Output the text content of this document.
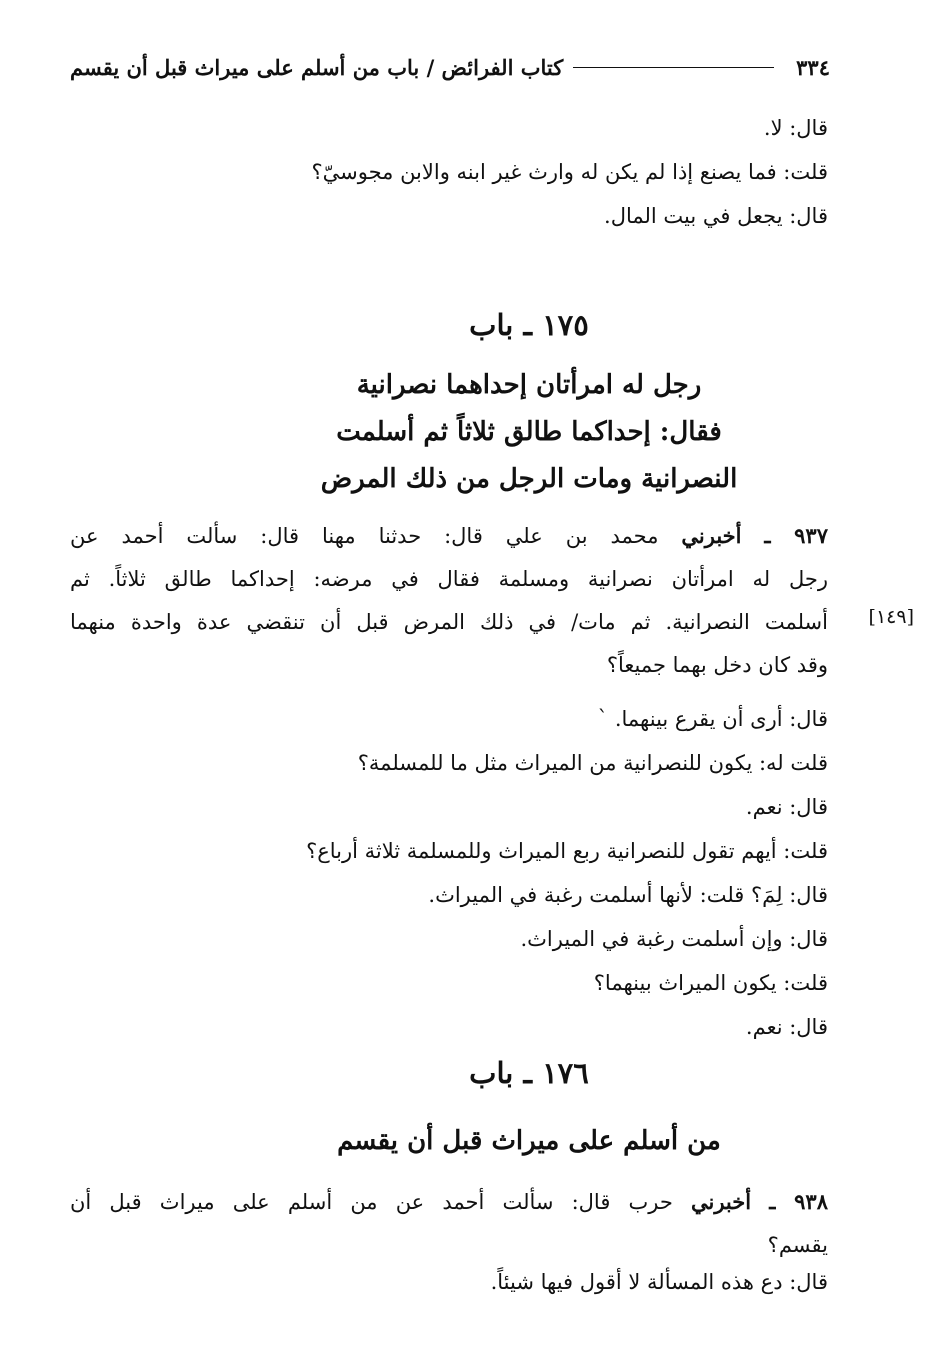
٣٣٤
كتاب الفرائض / باب من أسلم على ميراث قبل أن يقسم
قال: لا.
قلت: فما يصنع إذا لم يكن له وارث غير ابنه والابن مجوسيّ؟
قال: يجعل في بيت المال.
١٧٥ ـ باب
رجل له امرأتان إحداهما نصرانية
فقال: إحداكما طالق ثلاثاً ثم أسلمت
النصرانية ومات الرجل من ذلك المرض
٩٣٧ ـ أخبرني محمد بن علي قال: حدثنا مهنا قال: سألت أحمد عن
رجل له امرأتان نصرانية ومسلمة فقال في مرضه: إحداكما طالق ثلاثاً. ثم
أسلمت النصرانية. ثم مات/ في ذلك المرض قبل أن تنقضي عدة واحدة منهما
وقد كان دخل بهما جميعاً؟
[١٤٩]
قال: أرى أن يقرع بينهما. ˋ
قلت له: يكون للنصرانية من الميراث مثل ما للمسلمة؟
قال: نعم.
قلت: أيهم تقول للنصرانية ربع الميراث وللمسلمة ثلاثة أرباع؟
قال: لِمَ؟ قلت: لأنها أسلمت رغبة في الميراث.
قال: وإن أسلمت رغبة في الميراث.
قلت: يكون الميراث بينهما؟
قال: نعم.
١٧٦ ـ باب
من أسلم على ميراث قبل أن يقسم
٩٣٨ ـ أخبرني حرب قال: سألت أحمد عن من أسلم على ميراث قبل أن
يقسم؟
قال: دع هذه المسألة لا أقول فيها شيئاً.
